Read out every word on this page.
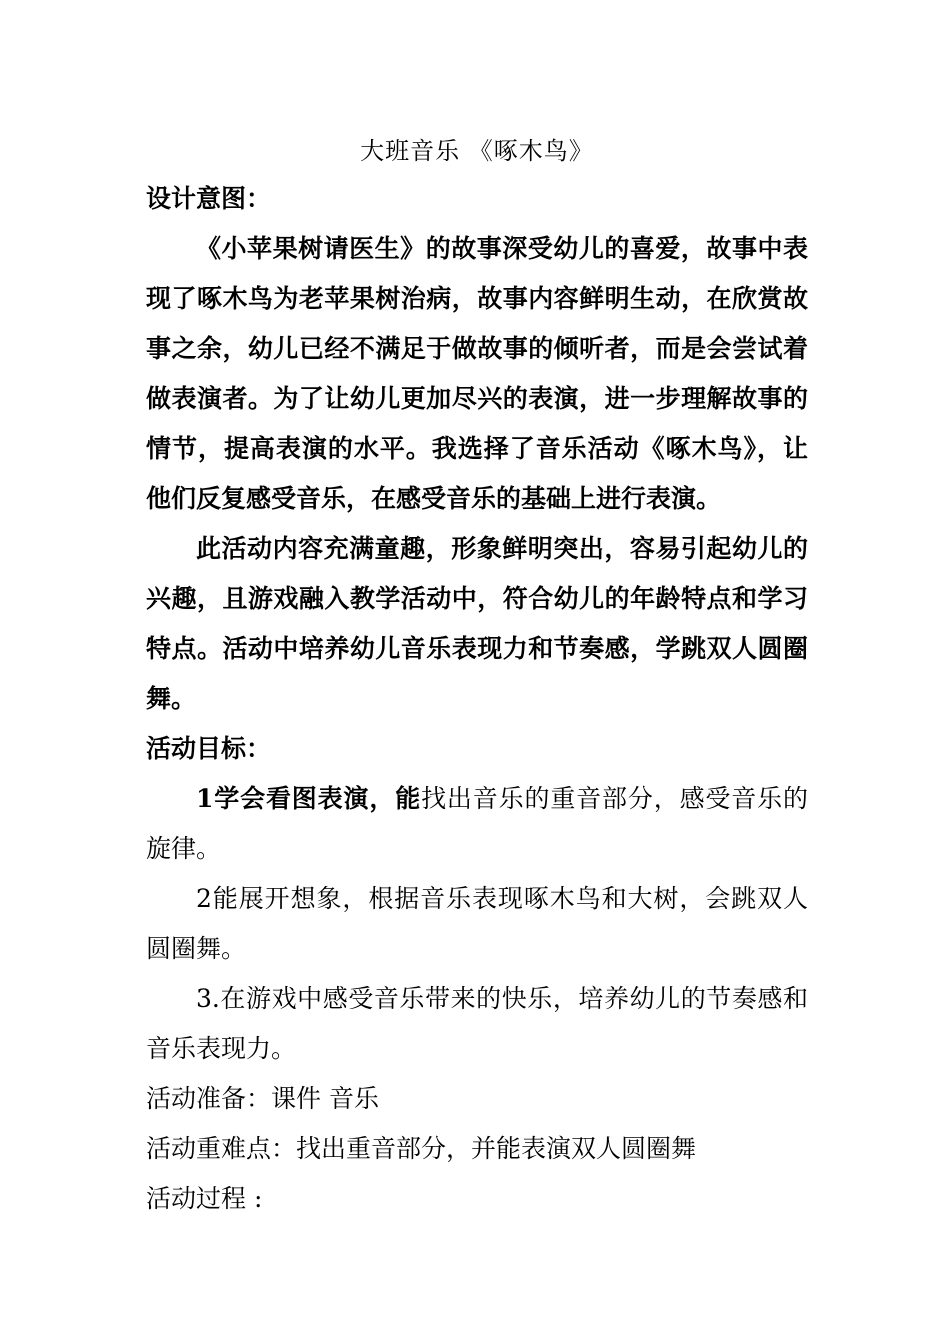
大班音乐 《啄木鸟》

设计意图：

《小苹果树请医生》的故事深受幼儿的喜爱，故事中表现了啄木鸟为老苹果树治病，故事内容鲜明生动，在欣赏故事之余，幼儿已经不满足于做故事的倾听者，而是会尝试着做表演者。为了让幼儿更加尽兴的表演，进一步理解故事的情节，提高表演的水平。我选择了音乐活动《啄木鸟》，让他们反复感受音乐，在感受音乐的基础上进行表演。

此活动内容充满童趣，形象鲜明突出，容易引起幼儿的兴趣，且游戏融入教学活动中，符合幼儿的年龄特点和学习特点。活动中培养幼儿音乐表现力和节奏感，学跳双人圆圈舞。

活动目标：

1学会看图表演，能找出音乐的重音部分，感受音乐的旋律。

2能展开想象，根据音乐表现啄木鸟和大树，会跳双人圆圈舞。

3.在游戏中感受音乐带来的快乐，培养幼儿的节奏感和音乐表现力。

活动准备：课件 音乐

活动重难点：找出重音部分，并能表演双人圆圈舞

活动过程 :
